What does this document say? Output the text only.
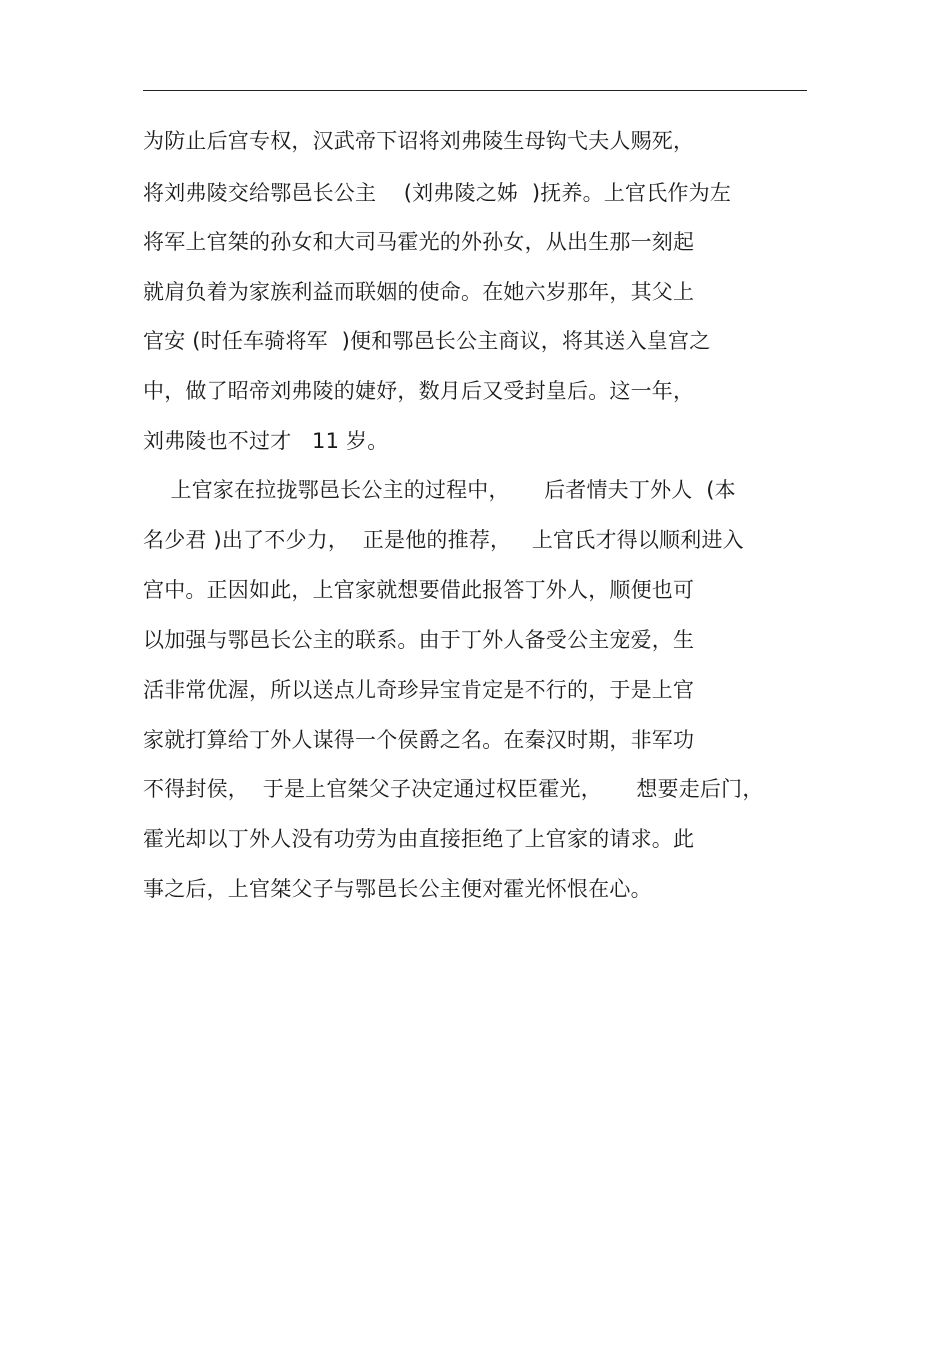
为防止后宫专权，汉武帝下诏将刘弗陵生母钩弋夫人赐死，
将刘弗陵交给鄂邑长公主    (刘弗陵之姊  )抚养。上官氏作为左
将军上官桀的孙女和大司马霍光的外孙女，从出生那一刻起
就肩负着为家族利益而联姻的使命。在她六岁那年，其父上
官安 (时任车骑将军  )便和鄂邑长公主商议，将其送入皇宫之
中，做了昭帝刘弗陵的婕妤，数月后又受封皇后。这一年，
刘弗陵也不过才   11 岁。
上官家在拉拢鄂邑长公主的过程中，     后者情夫丁外人  (本
名少君 )出了不少力，  正是他的推荐，   上官氏才得以顺利进入
宫中。正因如此，上官家就想要借此报答丁外人，顺便也可
以加强与鄂邑长公主的联系。由于丁外人备受公主宠爱，生
活非常优渥，所以送点儿奇珍异宝肯定是不行的，于是上官
家就打算给丁外人谋得一个侯爵之名。在秦汉时期，非军功
不得封侯，  于是上官桀父子决定通过权臣霍光，     想要走后门，
霍光却以丁外人没有功劳为由直接拒绝了上官家的请求。此
事之后，上官桀父子与鄂邑长公主便对霍光怀恨在心。
